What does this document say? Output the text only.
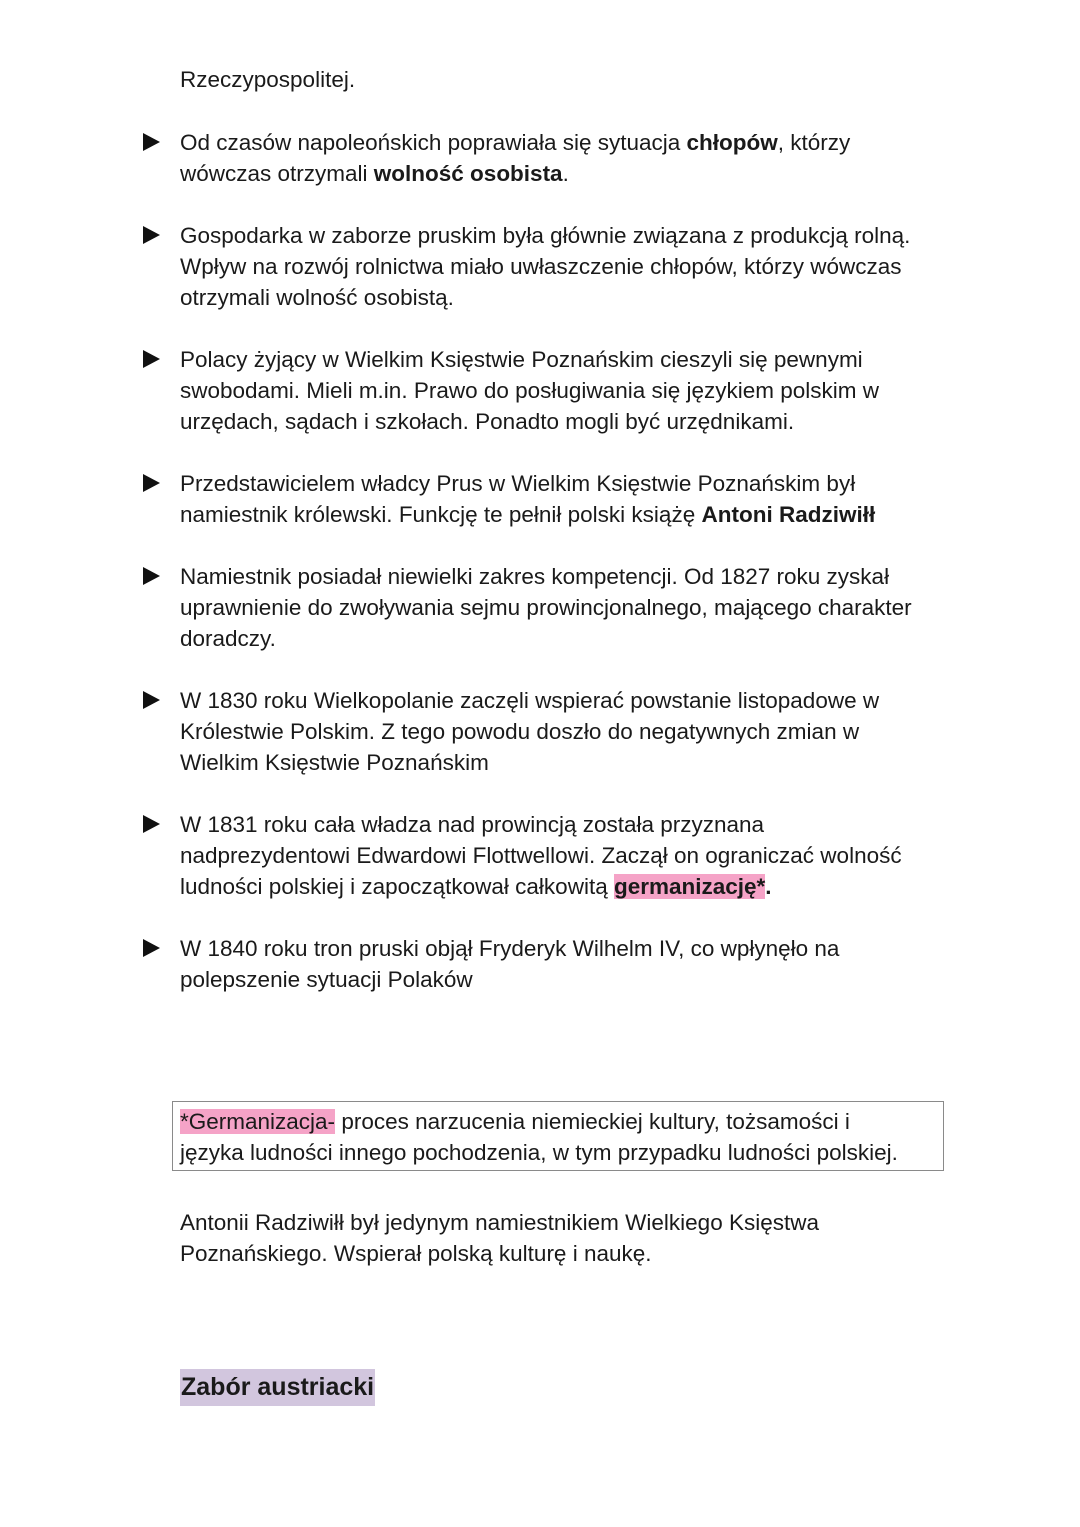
Rzeczypospolitej.
Od czasów napoleońskich poprawiała się sytuacja chłopów, którzy
wówczas otrzymali wolność osobista.
Gospodarka w zaborze pruskim była głównie związana z produkcją rolną.
Wpływ na rozwój rolnictwa miało uwłaszczenie chłopów, którzy wówczas
otrzymali wolność osobistą.
Polacy żyjący w Wielkim Księstwie Poznańskim cieszyli się pewnymi
swobodami. Mieli m.in. Prawo do posługiwania się językiem polskim w
urzędach, sądach i szkołach. Ponadto mogli być urzędnikami.
Przedstawicielem władcy Prus w Wielkim Księstwie Poznańskim był
namiestnik królewski. Funkcję te pełnił polski książę Antoni Radziwiłł
Namiestnik posiadał niewielki zakres kompetencji. Od 1827 roku zyskał
uprawnienie do zwoływania sejmu prowincjonalnego, mającego charakter
doradczy.
W 1830 roku Wielkopolanie zaczęli wspierać powstanie listopadowe w
Królestwie Polskim. Z tego powodu doszło do negatywnych zmian w
Wielkim Księstwie Poznańskim
W 1831 roku cała władza nad prowincją została przyznana
nadprezydentowi Edwardowi Flottwellowi. Zaczął on ograniczać wolność
ludności polskiej i zapoczątkował całkowitą germanizację*.
W 1840 roku tron pruski objął Fryderyk Wilhelm IV, co wpłynęło na
polepszenie sytuacji Polaków
*Germanizacja- proces narzucenia niemieckiej kultury, tożsamości i
języka ludności innego pochodzenia, w tym przypadku ludności polskiej.
Antonii Radziwiłł był jedynym namiestnikiem Wielkiego Księstwa
Poznańskiego. Wspierał polską kulturę i naukę.
Zabór austriacki
